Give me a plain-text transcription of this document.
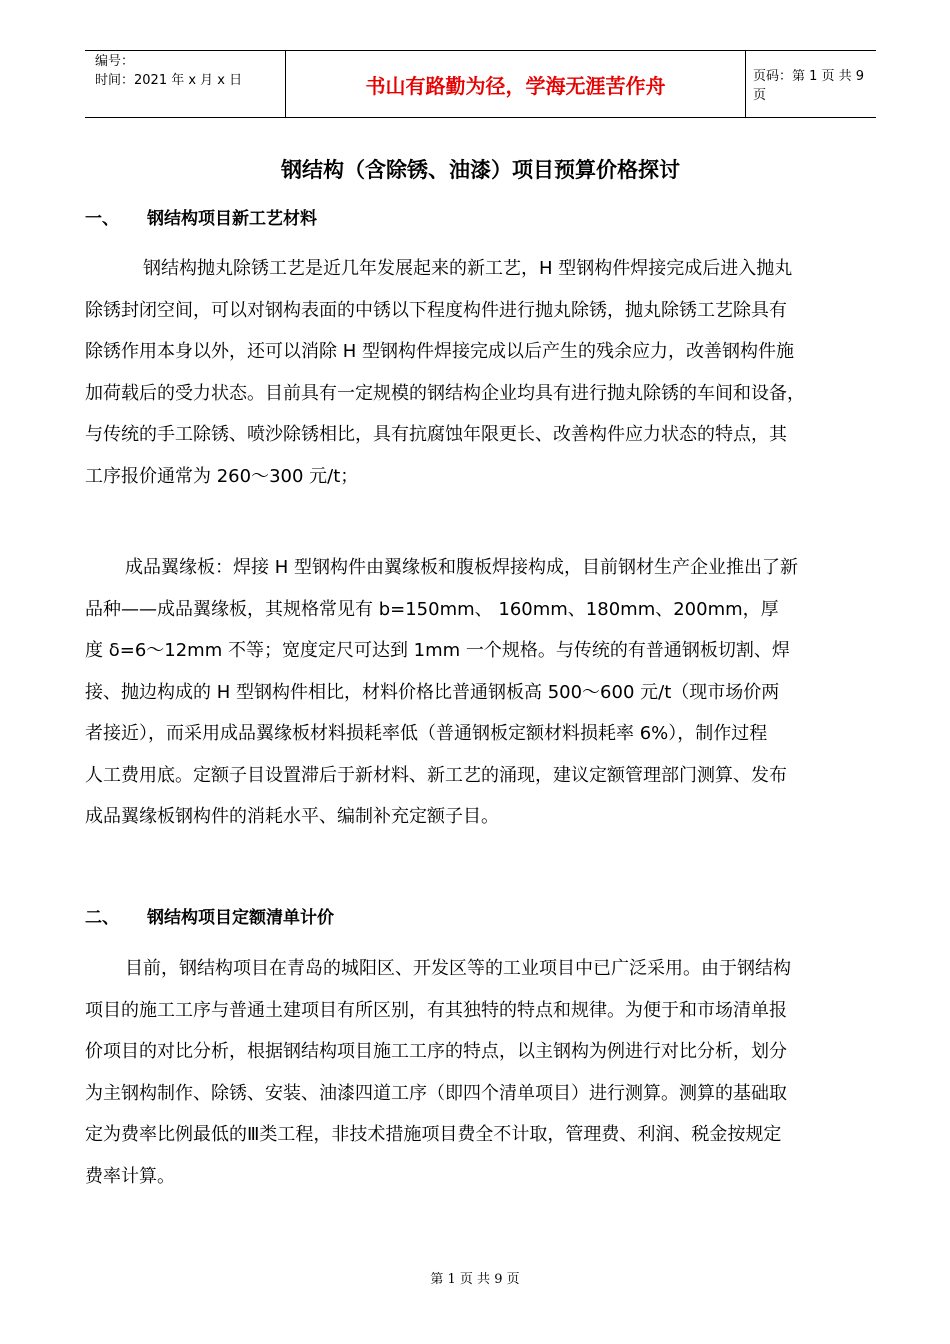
编号：
时间：2021 年 x 月 x 日	书山有路勤为径，学海无涯苦作舟	页码：第 1 页 共 9 页
钢结构（含除锈、油漆）项目预算价格探讨
一、 钢结构项目新工艺材料
钢结构抛丸除锈工艺是近几年发展起来的新工艺，H 型钢构件焊接完成后进入抛丸
除锈封闭空间，可以对钢构表面的中锈以下程度构件进行抛丸除锈，抛丸除锈工艺除具有
除锈作用本身以外，还可以消除 H 型钢构件焊接完成以后产生的残余应力，改善钢构件施
加荷载后的受力状态。目前具有一定规模的钢结构企业均具有进行抛丸除锈的车间和设备，
与传统的手工除锈、喷沙除锈相比，具有抗腐蚀年限更长、改善构件应力状态的特点，其
工序报价通常为 260～300 元/t；
成品翼缘板：焊接 H 型钢构件由翼缘板和腹板焊接构成，目前钢材生产企业推出了新
品种——成品翼缘板，其规格常见有 b=150mm、 160mm、180mm、200mm，厚
度 δ=6～12mm 不等；宽度定尺可达到 1mm 一个规格。与传统的有普通钢板切割、焊
接、抛边构成的 H 型钢构件相比，材料价格比普通钢板高 500～600 元/t（现市场价两
者接近），而采用成品翼缘板材料损耗率低（普通钢板定额材料损耗率 6%），制作过程
人工费用底。定额子目设置滞后于新材料、新工艺的涌现，建议定额管理部门测算、发布
成品翼缘板钢构件的消耗水平、编制补充定额子目。
二、 钢结构项目定额清单计价
目前，钢结构项目在青岛的城阳区、开发区等的工业项目中已广泛采用。由于钢结构
项目的施工工序与普通土建项目有所区别，有其独特的特点和规律。为便于和市场清单报
价项目的对比分析，根据钢结构项目施工工序的特点，以主钢构为例进行对比分析，划分
为主钢构制作、除锈、安装、油漆四道工序（即四个清单项目）进行测算。测算的基础取
定为费率比例最低的Ⅲ类工程，非技术措施项目费全不计取，管理费、利润、税金按规定
费率计算。
第 1 页 共 9 页
